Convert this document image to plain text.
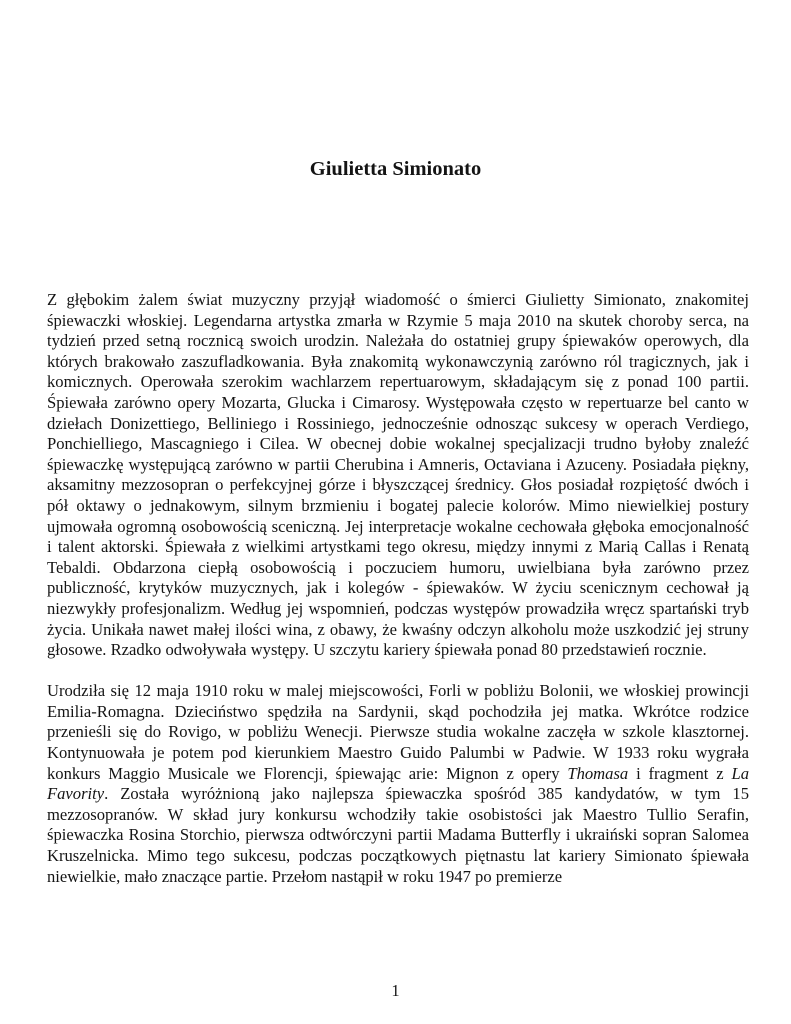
Giulietta Simionato

Z głębokim żalem świat muzyczny przyjął wiadomość o śmierci Giulietty Simionato, znakomitej śpiewaczki włoskiej. Legendarna artystka zmarła w Rzymie 5 maja 2010 na skutek choroby serca, na tydzień przed setną rocznicą swoich urodzin. Należała do ostatniej grupy śpiewaków operowych, dla których brakowało zaszufladkowania. Była znakomitą wykonawczynią zarówno ról tragicznych, jak i komicznych. Operowała szerokim wachlarzem repertuarowym, składającym się z ponad 100 partii. Śpiewała zarówno opery Mozarta, Glucka i Cimarosy. Występowała często w repertuarze bel canto w dziełach Donizettiego, Belliniego i Rossiniego, jednocześnie odnosząc sukcesy w operach Verdiego, Ponchielliego, Mascagniego i Cilea. W obecnej dobie wokalnej specjalizacji trudno byłoby znaleźć śpiewaczkę występującą zarówno w partii Cherubina i Amneris, Octaviana i Azuceny. Posiadała piękny, aksamitny mezzosopran o perfekcyjnej górze i błyszczącej średnicy. Głos posiadał rozpiętość dwóch i pół oktawy o jednakowym, silnym brzmieniu i bogatej palecie kolorów. Mimo niewielkiej postury ujmowała ogromną osobowością sceniczną. Jej interpretacje wokalne cechowała głęboka emocjonalność i talent aktorski. Śpiewała z wielkimi artystkami tego okresu, między innymi z Marią Callas i Renatą Tebaldi. Obdarzona ciepłą osobowością i poczuciem humoru, uwielbiana była zarówno przez publiczność, krytyków muzycznych, jak i kolegów - śpiewaków. W życiu scenicznym cechował ją niezwykły profesjonalizm. Według jej wspomnień, podczas występów prowadziła wręcz spartański tryb życia. Unikała nawet małej ilości wina, z obawy, że kwaśny odczyn alkoholu może uszkodzić jej struny głosowe. Rzadko odwoływała występy. U szczytu kariery śpiewała ponad 80 przedstawień rocznie.

Urodziła się 12 maja 1910 roku w malej miejscowości, Forli w pobliżu Bolonii, we włoskiej prowincji Emilia-Romagna. Dzieciństwo spędziła na Sardynii, skąd pochodziła jej matka. Wkrótce rodzice przenieśli się do Rovigo, w pobliżu Wenecji. Pierwsze studia wokalne zaczęła w szkole klasztornej. Kontynuowała je potem pod kierunkiem Maestro Guido Palumbi w Padwie. W 1933 roku wygrała konkurs Maggio Musicale we Florencji, śpiewając arie: Mignon z opery Thomasa i fragment z La Favority. Została wyróżnioną jako najlepsza śpiewaczka spośród 385 kandydatów, w tym 15 mezzosopranów. W skład jury konkursu wchodziły takie osobistości jak Maestro Tullio Serafin, śpiewaczka Rosina Storchio, pierwsza odtwórczyni partii Madama Butterfly i ukraiński sopran Salomea Kruszelnicka. Mimo tego sukcesu, podczas początkowych piętnastu lat kariery Simionato śpiewała niewielkie, mało znaczące partie. Przełom nastąpił w roku 1947 po premierze

1
